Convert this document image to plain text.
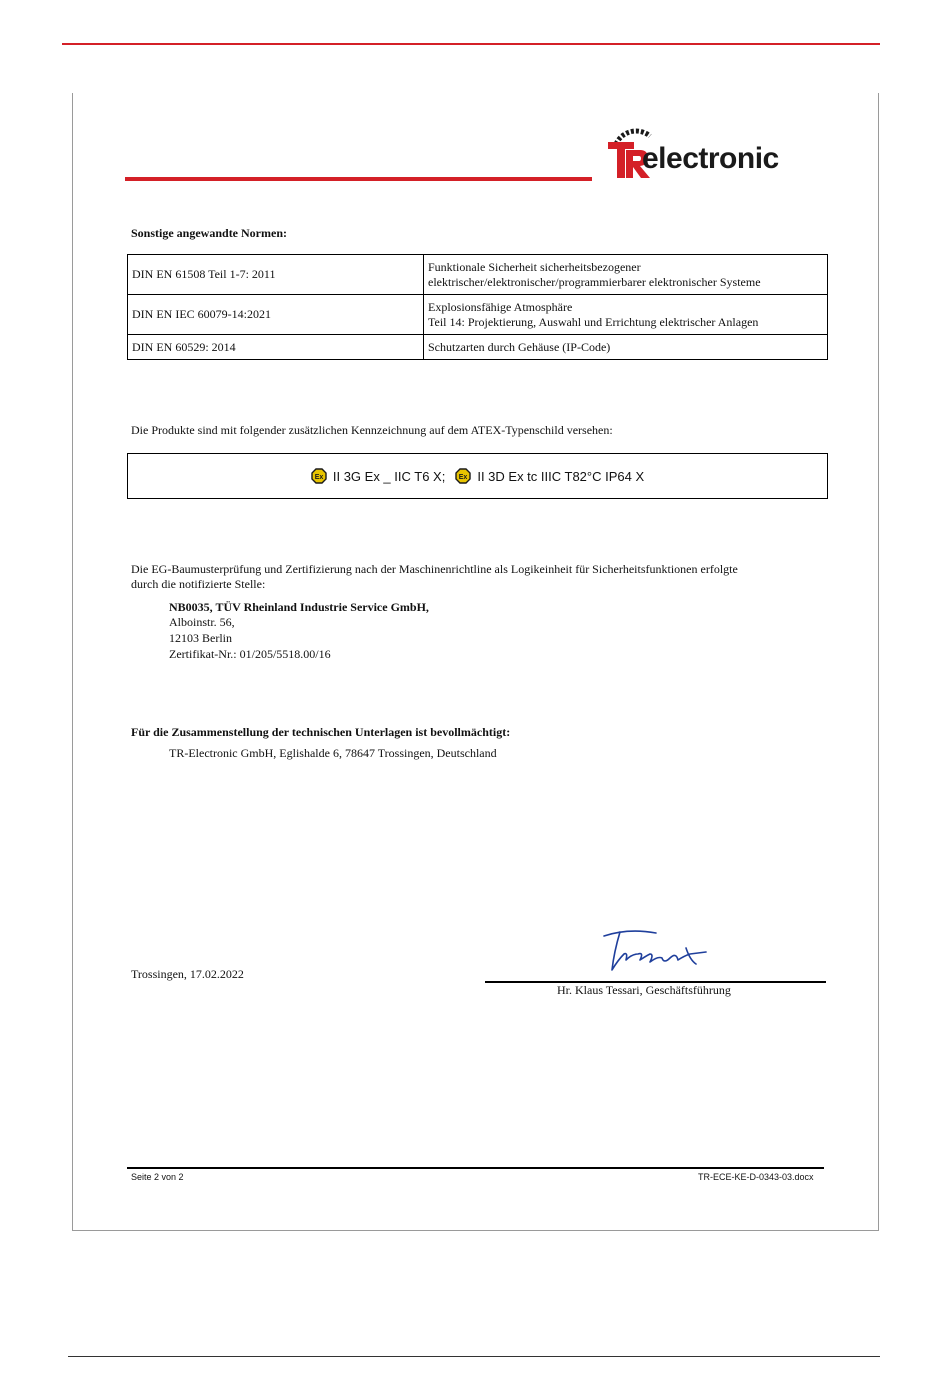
electronic
Sonstige angewandte Normen:
DIN EN 61508 Teil 1-7: 2011	Funktionale Sicherheit sicherheitsbezogener
elektrischer/elektronischer/programmierbarer elektronischer Systeme

DIN EN IEC 60079-14:2021	Explosionsfähige Atmosphäre
Teil 14: Projektierung, Auswahl und Errichtung elektrischer Anlagen

DIN EN 60529: 2014	Schutzarten durch Gehäuse (IP-Code)
Die Produkte sind mit folgender zusätzlichen Kennzeichnung auf dem ATEX-Typenschild versehen:
Ex II 3G Ex _ IIC T6 X; Ex II 3D Ex tc IIIC T82°C IP64 X
Die EG-Baumusterprüfung und Zertifizierung nach der Maschinenrichtline als Logikeinheit für Sicherheitsfunktionen erfolgte
durch die notifizierte Stelle:
NB0035, TÜV Rheinland Industrie Service GmbH,
Alboinstr. 56,
12103 Berlin
Zertifikat-Nr.: 01/205/5518.00/16
Für die Zusammenstellung der technischen Unterlagen ist bevollmächtigt:
TR-Electronic GmbH, Eglishalde 6, 78647 Trossingen, Deutschland
Trossingen, 17.02.2022
Hr. Klaus Tessari, Geschäftsführung
Seite 2 von 2	TR-ECE-KE-D-0343-03.docx
